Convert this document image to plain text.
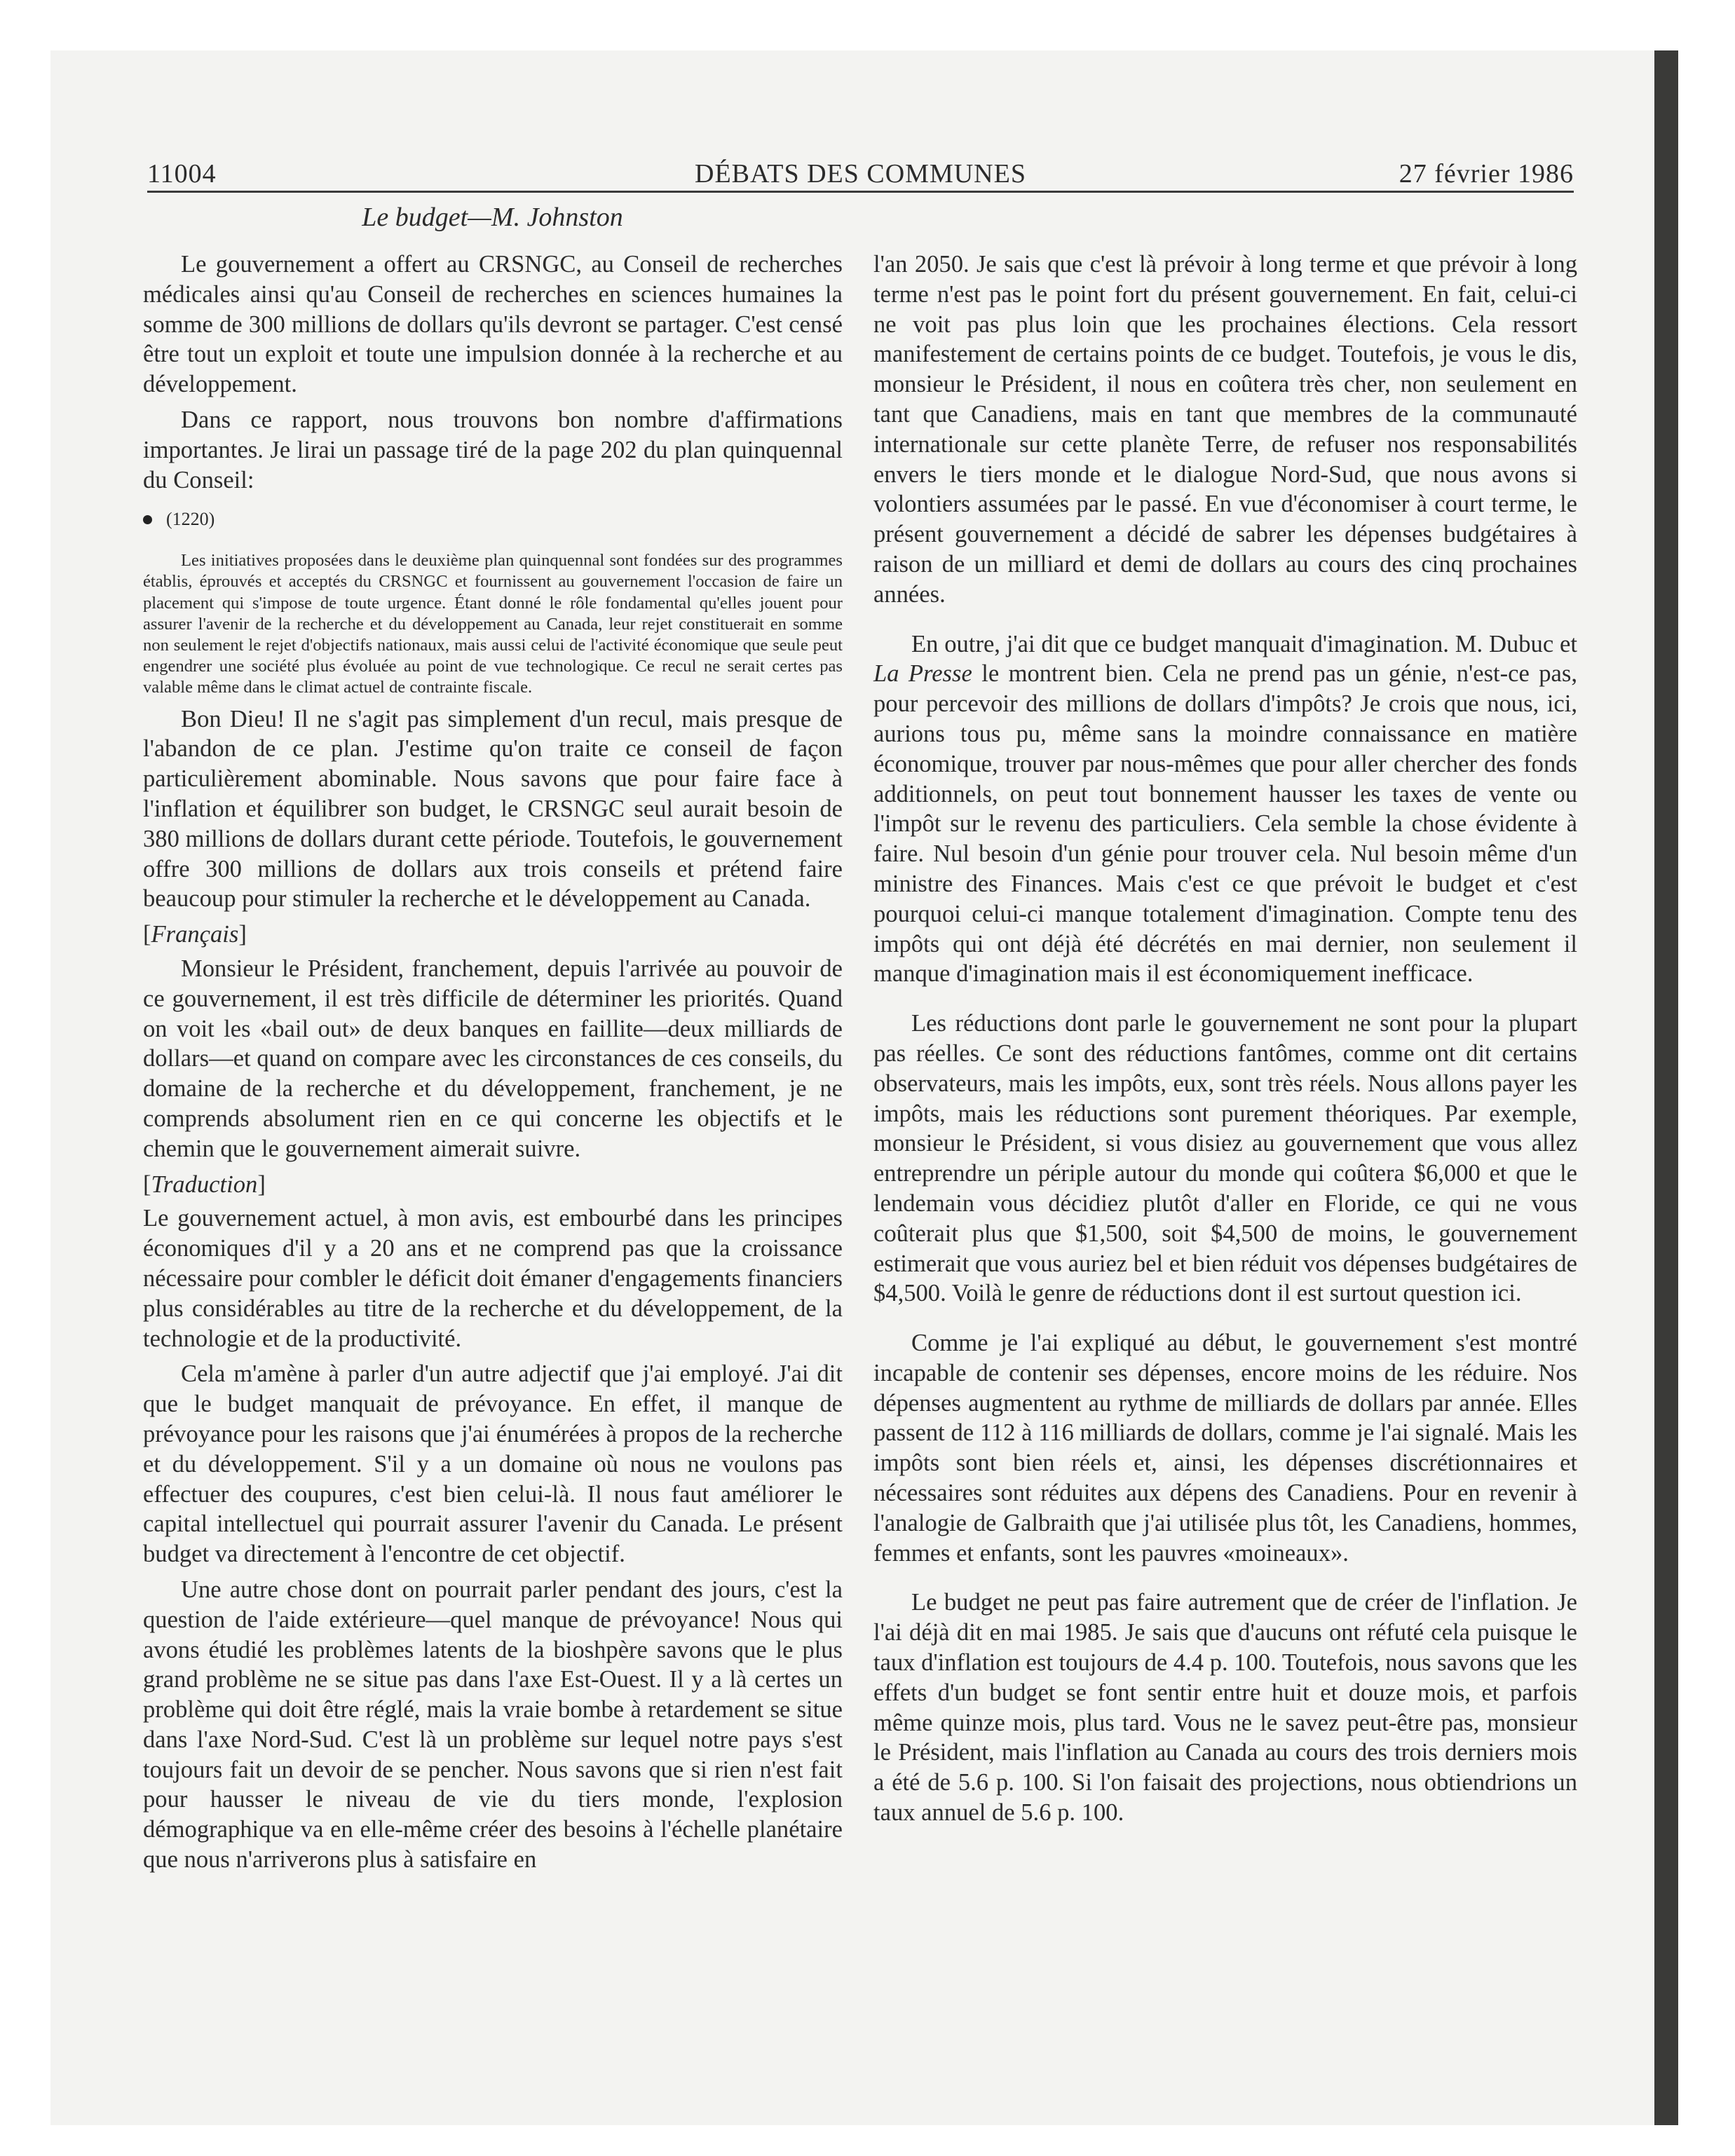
11004	DÉBATS DES COMMUNES	27 février 1986
Le budget—M. Johnston

Le gouvernement a offert au CRSNGC, au Conseil de recherches médicales ainsi qu'au Conseil de recherches en sciences humaines la somme de 300 millions de dollars qu'ils devront se partager. C'est censé être tout un exploit et toute une impulsion donnée à la recherche et au développement.

Dans ce rapport, nous trouvons bon nombre d'affirmations importantes. Je lirai un passage tiré de la page 202 du plan quinquennal du Conseil:

(1220)

Les initiatives proposées dans le deuxième plan quinquennal sont fondées sur des programmes établis, éprouvés et acceptés du CRSNGC et fournissent au gouvernement l'occasion de faire un placement qui s'impose de toute urgence. Étant donné le rôle fondamental qu'elles jouent pour assurer l'avenir de la recherche et du développement au Canada, leur rejet constituerait en somme non seulement le rejet d'objectifs nationaux, mais aussi celui de l'activité économique que seule peut engendrer une société plus évoluée au point de vue technologique. Ce recul ne serait certes pas valable même dans le climat actuel de contrainte fiscale.

Bon Dieu! Il ne s'agit pas simplement d'un recul, mais presque de l'abandon de ce plan. J'estime qu'on traite ce conseil de façon particulièrement abominable. Nous savons que pour faire face à l'inflation et équilibrer son budget, le CRSNGC seul aurait besoin de 380 millions de dollars durant cette période. Toutefois, le gouvernement offre 300 millions de dollars aux trois conseils et prétend faire beaucoup pour stimuler la recherche et le développement au Canada.

[Français]

Monsieur le Président, franchement, depuis l'arrivée au pouvoir de ce gouvernement, il est très difficile de déterminer les priorités. Quand on voit les «bail out» de deux banques en faillite—deux milliards de dollars—et quand on compare avec les circonstances de ces conseils, du domaine de la recherche et du développement, franchement, je ne comprends absolument rien en ce qui concerne les objectifs et le chemin que le gouvernement aimerait suivre.

[Traduction]

Le gouvernement actuel, à mon avis, est embourbé dans les principes économiques d'il y a 20 ans et ne comprend pas que la croissance nécessaire pour combler le déficit doit émaner d'engagements financiers plus considérables au titre de la recherche et du développement, de la technologie et de la productivité.

Cela m'amène à parler d'un autre adjectif que j'ai employé. J'ai dit que le budget manquait de prévoyance. En effet, il manque de prévoyance pour les raisons que j'ai énumérées à propos de la recherche et du développement. S'il y a un domaine où nous ne voulons pas effectuer des coupures, c'est bien celui-là. Il nous faut améliorer le capital intellectuel qui pourrait assurer l'avenir du Canada. Le présent budget va directement à l'encontre de cet objectif.

Une autre chose dont on pourrait parler pendant des jours, c'est la question de l'aide extérieure—quel manque de prévoyance! Nous qui avons étudié les problèmes latents de la bioshpère savons que le plus grand problème ne se situe pas dans l'axe Est-Ouest. Il y a là certes un problème qui doit être réglé, mais la vraie bombe à retardement se situe dans l'axe Nord-Sud. C'est là un problème sur lequel notre pays s'est toujours fait un devoir de se pencher. Nous savons que si rien n'est fait pour hausser le niveau de vie du tiers monde, l'explosion démographique va en elle-même créer des besoins à l'échelle planétaire que nous n'arriverons plus à satisfaire en

l'an 2050. Je sais que c'est là prévoir à long terme et que prévoir à long terme n'est pas le point fort du présent gouvernement. En fait, celui-ci ne voit pas plus loin que les prochaines élections. Cela ressort manifestement de certains points de ce budget. Toutefois, je vous le dis, monsieur le Président, il nous en coûtera très cher, non seulement en tant que Canadiens, mais en tant que membres de la communauté internationale sur cette planète Terre, de refuser nos responsabilités envers le tiers monde et le dialogue Nord-Sud, que nous avons si volontiers assumées par le passé. En vue d'économiser à court terme, le présent gouvernement a décidé de sabrer les dépenses budgétaires à raison de un milliard et demi de dollars au cours des cinq prochaines années.

En outre, j'ai dit que ce budget manquait d'imagination. M. Dubuc et La Presse le montrent bien. Cela ne prend pas un génie, n'est-ce pas, pour percevoir des millions de dollars d'impôts? Je crois que nous, ici, aurions tous pu, même sans la moindre connaissance en matière économique, trouver par nous-mêmes que pour aller chercher des fonds additionnels, on peut tout bonnement hausser les taxes de vente ou l'impôt sur le revenu des particuliers. Cela semble la chose évidente à faire. Nul besoin d'un génie pour trouver cela. Nul besoin même d'un ministre des Finances. Mais c'est ce que prévoit le budget et c'est pourquoi celui-ci manque totalement d'imagination. Compte tenu des impôts qui ont déjà été décrétés en mai dernier, non seulement il manque d'imagination mais il est économiquement inefficace.

Les réductions dont parle le gouvernement ne sont pour la plupart pas réelles. Ce sont des réductions fantômes, comme ont dit certains observateurs, mais les impôts, eux, sont très réels. Nous allons payer les impôts, mais les réductions sont purement théoriques. Par exemple, monsieur le Président, si vous disiez au gouvernement que vous allez entreprendre un périple autour du monde qui coûtera $6,000 et que le lendemain vous décidiez plutôt d'aller en Floride, ce qui ne vous coûterait plus que $1,500, soit $4,500 de moins, le gouvernement estimerait que vous auriez bel et bien réduit vos dépenses budgétaires de $4,500. Voilà le genre de réductions dont il est surtout question ici.

Comme je l'ai expliqué au début, le gouvernement s'est montré incapable de contenir ses dépenses, encore moins de les réduire. Nos dépenses augmentent au rythme de milliards de dollars par année. Elles passent de 112 à 116 milliards de dollars, comme je l'ai signalé. Mais les impôts sont bien réels et, ainsi, les dépenses discrétionnaires et nécessaires sont réduites aux dépens des Canadiens. Pour en revenir à l'analogie de Galbraith que j'ai utilisée plus tôt, les Canadiens, hommes, femmes et enfants, sont les pauvres «moineaux».

Le budget ne peut pas faire autrement que de créer de l'inflation. Je l'ai déjà dit en mai 1985. Je sais que d'aucuns ont réfuté cela puisque le taux d'inflation est toujours de 4.4 p. 100. Toutefois, nous savons que les effets d'un budget se font sentir entre huit et douze mois, et parfois même quinze mois, plus tard. Vous ne le savez peut-être pas, monsieur le Président, mais l'inflation au Canada au cours des trois derniers mois a été de 5.6 p. 100. Si l'on faisait des projections, nous obtiendrions un taux annuel de 5.6 p. 100.
